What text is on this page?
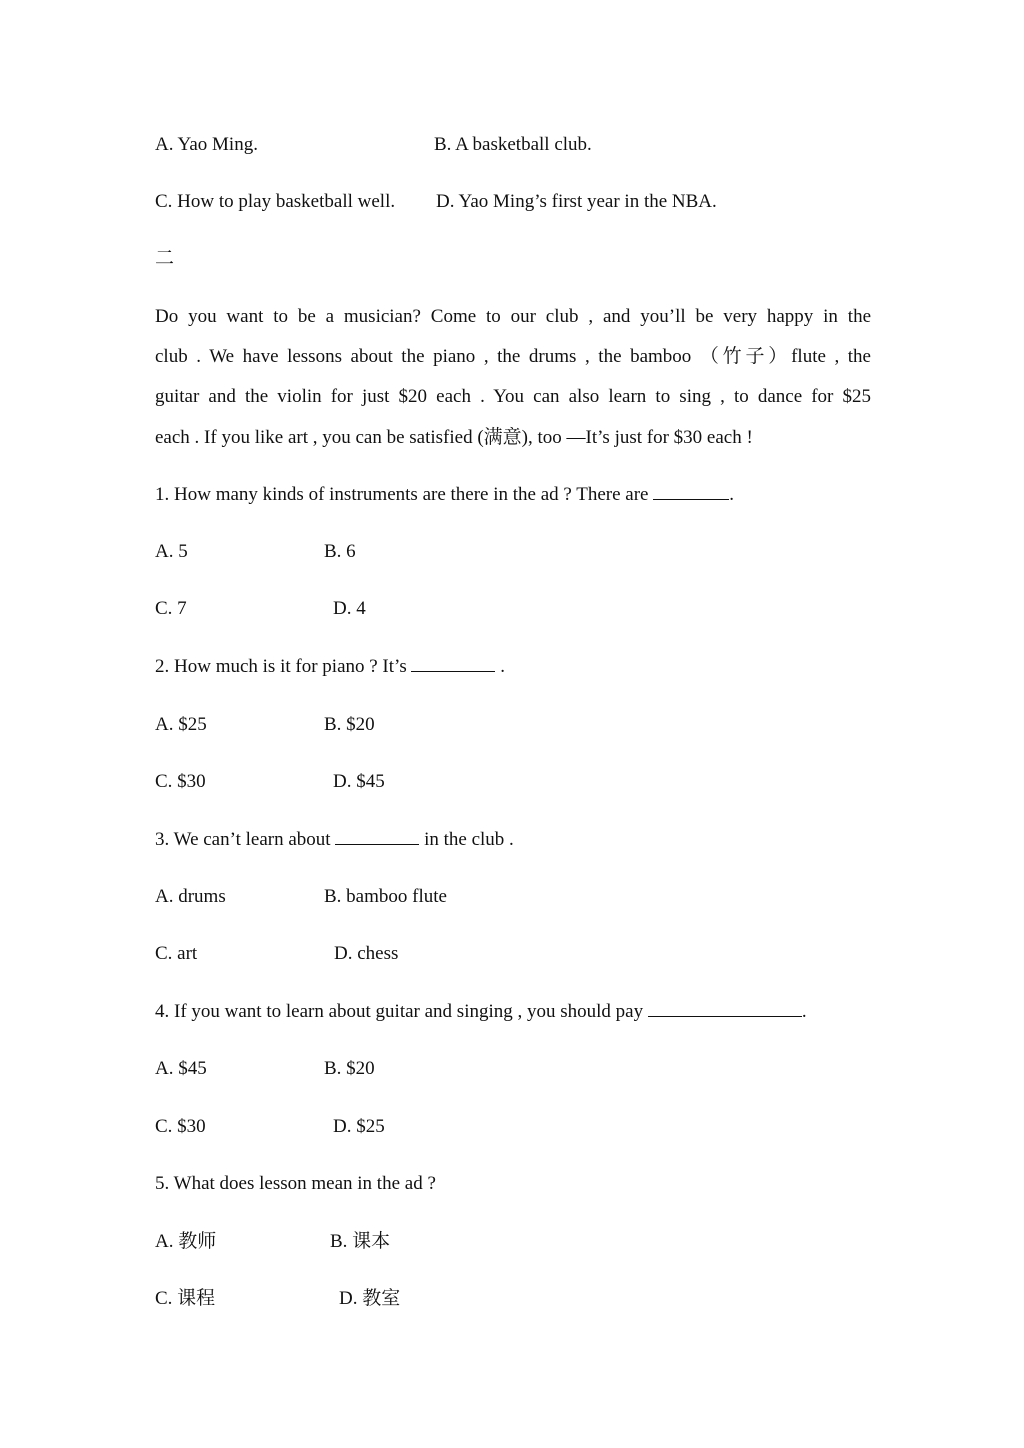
A. Yao Ming.	B. A basketball club.
C. How to play basketball well. D. Yao Ming’s first year in the NBA.
二
Do you want to be a musician? Come to our club , and you’ll be very happy in the
club . We have lessons about the piano , the drums , the bamboo （竹子）flute , the
guitar and the violin for just $20 each . You can also learn to sing , to dance for $25
each . If you like art , you can be satisfied (满意), too —It’s just for $30 each !
1. How many kinds of instruments are there in the ad ? There are	.
A. 5	B. 6
C. 7	D. 4
2. How much is it for piano ? It’s	.
A. $25	B. $20
C. $30	D. $45
3. We can’t learn about	in the club .
A. drums	B. bamboo flute
C. art	D. chess
4. If you want to learn about guitar and singing , you should pay	.
A. $45	B. $20
C. $30	D. $25
5. What does lesson mean in the ad ?
A. 教师	B. 课本
C. 课程	D. 教室
